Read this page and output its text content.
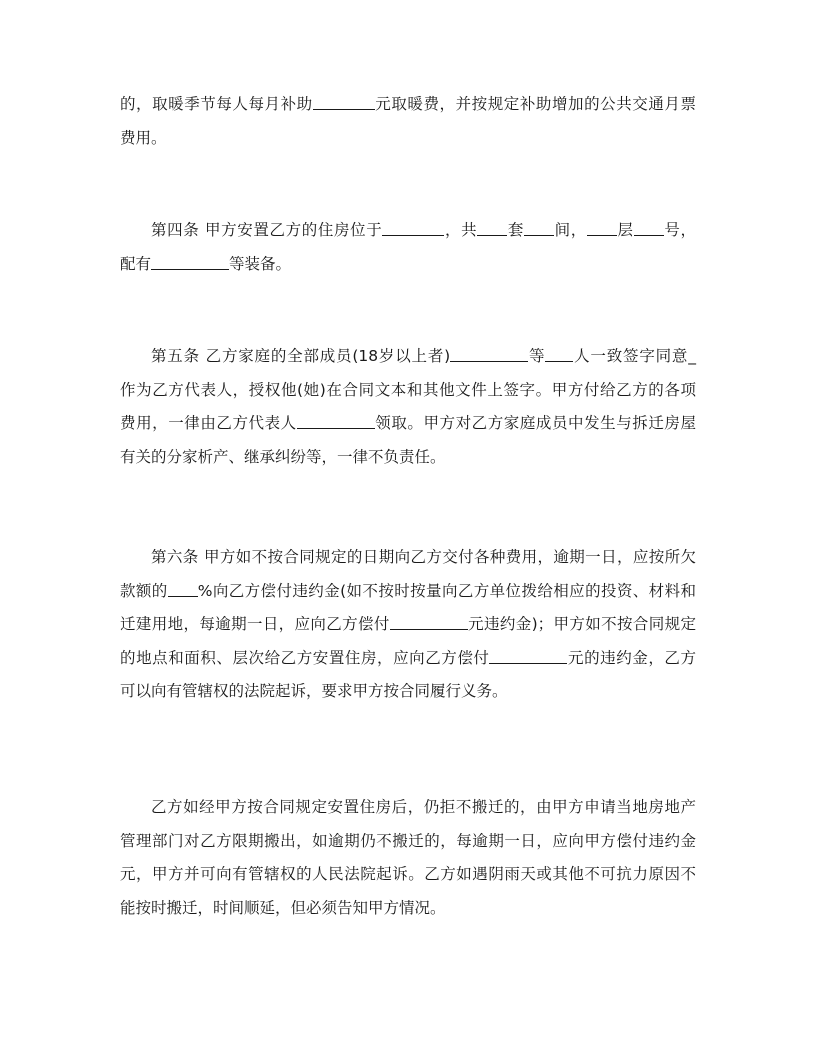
的，取暖季节每人每月补助	元取暖费，并按规定补助增加的公共交通月票
费用。
第四条 甲方安置乙方的住房位于	，共 套 间， 层 号，
配有	等装备。
第五条 乙方家庭的全部成员(18岁以上者)	等 人一致签字同意_
作为乙方代表人，授权他(她)在合同文本和其他文件上签字。甲方付给乙方的各项
费用，一律由乙方代表人	领取。甲方对乙方家庭成员中发生与拆迁房屋
有关的分家析产、继承纠纷等，一律不负责任。
第六条 甲方如不按合同规定的日期向乙方交付各种费用，逾期一日，应按所欠
款额的 %向乙方偿付违约金(如不按时按量向乙方单位拨给相应的投资、材料和
迁建用地，每逾期一日，应向乙方偿付	元违约金)；甲方如不按合同规定
的地点和面积、层次给乙方安置住房，应向乙方偿付	元的违约金，乙方
可以向有管辖权的法院起诉，要求甲方按合同履行义务。
乙方如经甲方按合同规定安置住房后，仍拒不搬迁的，由甲方申请当地房地产
管理部门对乙方限期搬出，如逾期仍不搬迁的，每逾期一日，应向甲方偿付违约金
元，甲方并可向有管辖权的人民法院起诉。乙方如遇阴雨天或其他不可抗力原因不
能按时搬迁，时间顺延，但必须告知甲方情况。
